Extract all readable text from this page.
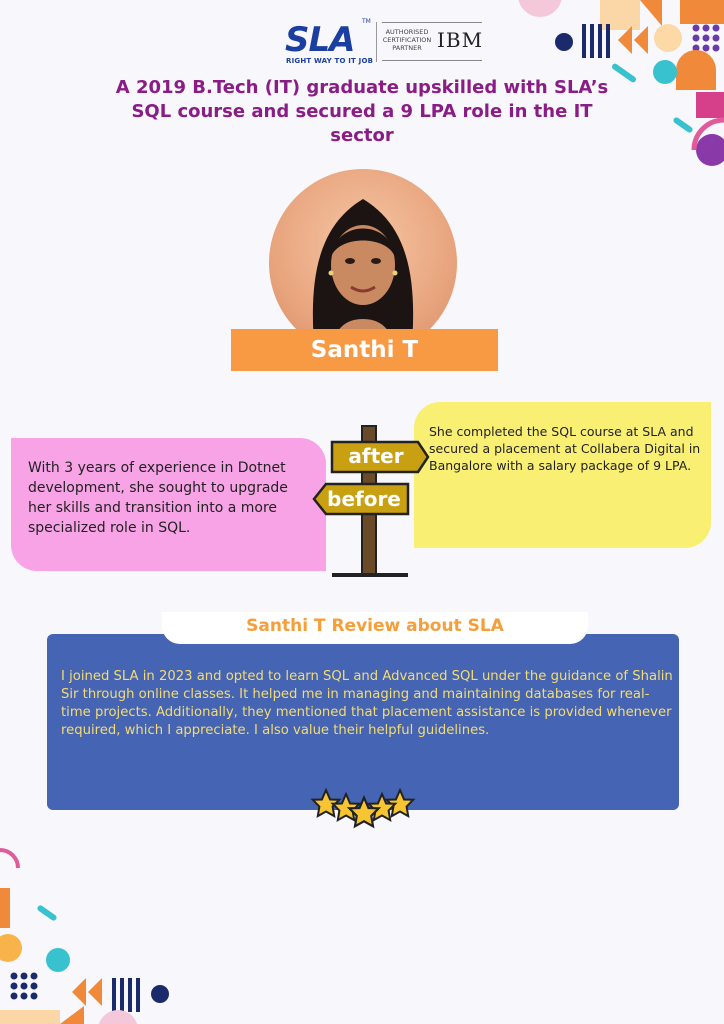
SLA TM
RIGHT WAY TO IT JOB
AUTHORISED CERTIFICATION PARTNER IBM
A 2019 B.Tech (IT) graduate upskilled with SLA’s SQL course and secured a 9 LPA role in the IT sector
Santhi T
With 3 years of experience in Dotnet development, she sought to upgrade her skills and transition into a more specialized role in SQL.
She completed the SQL course at SLA and secured a placement at Collabera Digital in Bangalore with a salary package of 9 LPA.
after
before
Santhi T Review about SLA
I joined SLA in 2023 and opted to learn SQL and Advanced SQL under the guidance of Shalin Sir through online classes. It helped me in managing and maintaining databases for real-time projects. Additionally, they mentioned that placement assistance is provided whenever required, which I appreciate. I also value their helpful guidelines.
